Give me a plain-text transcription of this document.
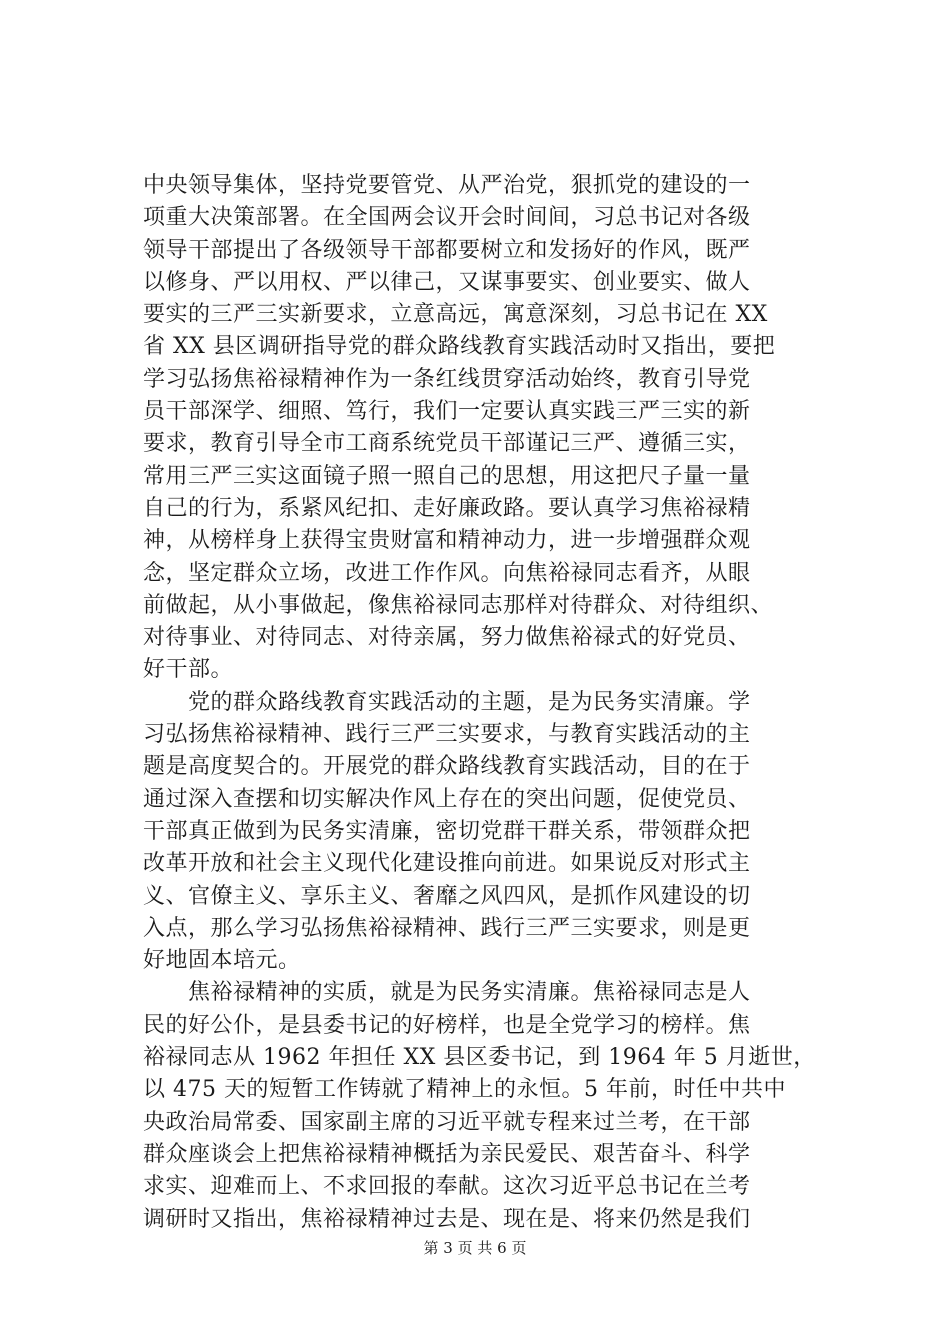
中央领导集体，坚持党要管党、从严治党，狠抓党的建设的一
项重大决策部署。在全国两会议开会时间间，习总书记对各级
领导干部提出了各级领导干部都要树立和发扬好的作风，既严
以修身、严以用权、严以律己，又谋事要实、创业要实、做人
要实的三严三实新要求，立意高远，寓意深刻，习总书记在 XX
省 XX 县区调研指导党的群众路线教育实践活动时又指出，要把
学习弘扬焦裕禄精神作为一条红线贯穿活动始终，教育引导党
员干部深学、细照、笃行，我们一定要认真实践三严三实的新
要求，教育引导全市工商系统党员干部谨记三严、遵循三实，
常用三严三实这面镜子照一照自己的思想，用这把尺子量一量
自己的行为，系紧风纪扣、走好廉政路。要认真学习焦裕禄精
神，从榜样身上获得宝贵财富和精神动力，进一步增强群众观
念，坚定群众立场，改进工作作风。向焦裕禄同志看齐，从眼
前做起，从小事做起，像焦裕禄同志那样对待群众、对待组织、
对待事业、对待同志、对待亲属，努力做焦裕禄式的好党员、
好干部。
　　党的群众路线教育实践活动的主题，是为民务实清廉。学
习弘扬焦裕禄精神、践行三严三实要求，与教育实践活动的主
题是高度契合的。开展党的群众路线教育实践活动，目的在于
通过深入查摆和切实解决作风上存在的突出问题，促使党员、
干部真正做到为民务实清廉，密切党群干群关系，带领群众把
改革开放和社会主义现代化建设推向前进。如果说反对形式主
义、官僚主义、享乐主义、奢靡之风四风，是抓作风建设的切
入点，那么学习弘扬焦裕禄精神、践行三严三实要求，则是更
好地固本培元。
　　焦裕禄精神的实质，就是为民务实清廉。焦裕禄同志是人
民的好公仆，是县委书记的好榜样，也是全党学习的榜样。焦
裕禄同志从 1962 年担任 XX 县区委书记，到 1964 年 5 月逝世，
以 475 天的短暂工作铸就了精神上的永恒。5 年前，时任中共中
央政治局常委、国家副主席的习近平就专程来过兰考，在干部
群众座谈会上把焦裕禄精神概括为亲民爱民、艰苦奋斗、科学
求实、迎难而上、不求回报的奉献。这次习近平总书记在兰考
调研时又指出，焦裕禄精神过去是、现在是、将来仍然是我们
第 3 页 共 6 页
